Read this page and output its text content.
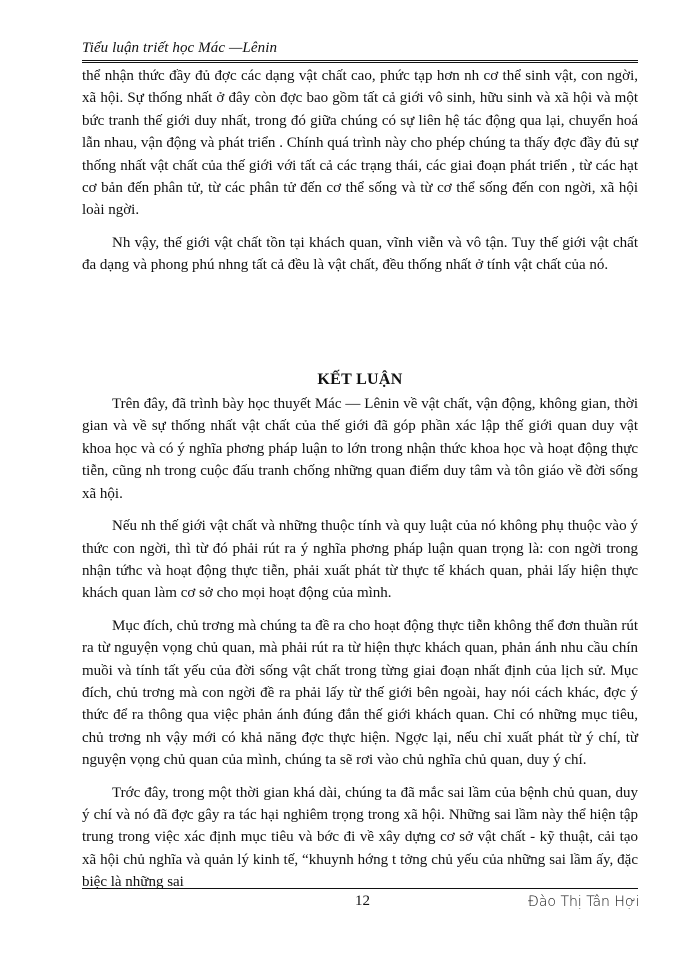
Tiểu luận triết học Mác —Lênin

thể nhận thức đầy đủ đợc các dạng vật chất cao, phức tạp hơn nh cơ thể sinh vật, con ngời, xã hội. Sự thống nhất ở đây còn đợc bao gồm tất cả giới vô sinh, hữu sinh và xã hội và một bức tranh thế giới duy nhất, trong đó giữa chúng có sự liên hệ tác động qua lại, chuyển hoá lẫn nhau, vận động và phát triển . Chính quá trình này cho phép chúng ta thấy đợc đầy đủ sự thống nhất vật chất của thế giới với tất cả các trạng thái, các giai đoạn phát triển , từ các hạt cơ bản đến phân tử, từ các phân tử đến cơ thể sống và từ cơ thể sống đến con ngời, xã hội loài ngời.

Nh vậy, thế giới vật chất tồn tại khách quan, vĩnh viễn và vô tận. Tuy thế giới vật chất đa dạng và phong phú nhng tất cả đều là vật chất, đều thống nhất ở tính vật chất của nó.

KẾT LUẬN

Trên đây, đã trình bày học thuyết Mác — Lênin về vật chất, vận động, không gian, thời gian và về sự thống nhất vật chất của thế giới đã góp phần xác lập thế giới quan duy vật khoa học và có ý nghĩa phơng pháp luận to lớn trong nhận thức khoa học và hoạt động thực tiễn, cũng nh trong cuộc đấu tranh chống những quan điểm duy tâm và tôn giáo về đời sống xã hội.

Nếu nh thế giới vật chất và những thuộc tính và quy luật của nó không phụ thuộc vào ý thức con ngời, thì từ đó phải rút ra ý nghĩa phơng pháp luận quan trọng là: con ngời trong nhận tứhc và hoạt động thực tiễn, phải xuất phát từ thực tế khách quan, phải lấy hiện thực khách quan làm cơ sở cho mọi hoạt động của mình.

Mục đích, chủ trơng mà chúng ta đề ra cho hoạt động thực tiễn không thể đơn thuần rút ra từ nguyện vọng chủ quan, mà phải rút ra từ hiện thực khách quan, phản ánh nhu cầu chín muồi và tính tất yếu của đời sống vật chất trong từng giai đoạn nhất định của lịch sử. Mục đích, chủ trơng mà con ngời đề ra phải lấy từ thế giới bên ngoài, hay nói cách khác, đợc ý thức để ra thông qua việc phản ánh đúng đắn thế giới khách quan. Chỉ có những mục tiêu, chủ trơng nh vậy mới có khả năng đợc thực hiện. Ngợc lại, nếu chỉ xuất phát từ ý chí, từ nguyện vọng chủ quan của mình, chúng ta sẽ rơi vào chủ nghĩa chủ quan, duy ý chí.

Trớc đây, trong một thời gian khá dài, chúng ta đã mắc sai lầm của bệnh chủ quan, duy ý chí và nó đã đợc gây ra tác hại nghiêm trọng trong xã hội. Những sai lầm này thể hiện tập trung trong việc xác định mục tiêu và bớc đi về xây dựng cơ sở vật chất - kỹ thuật, cải tạo xã hội chủ nghĩa và quản lý kinh tế, “khuynh hớng t tởng chủ yếu của những sai lầm ấy, đặc biệc là những sai

12	Đào Thị Tân Hợi
